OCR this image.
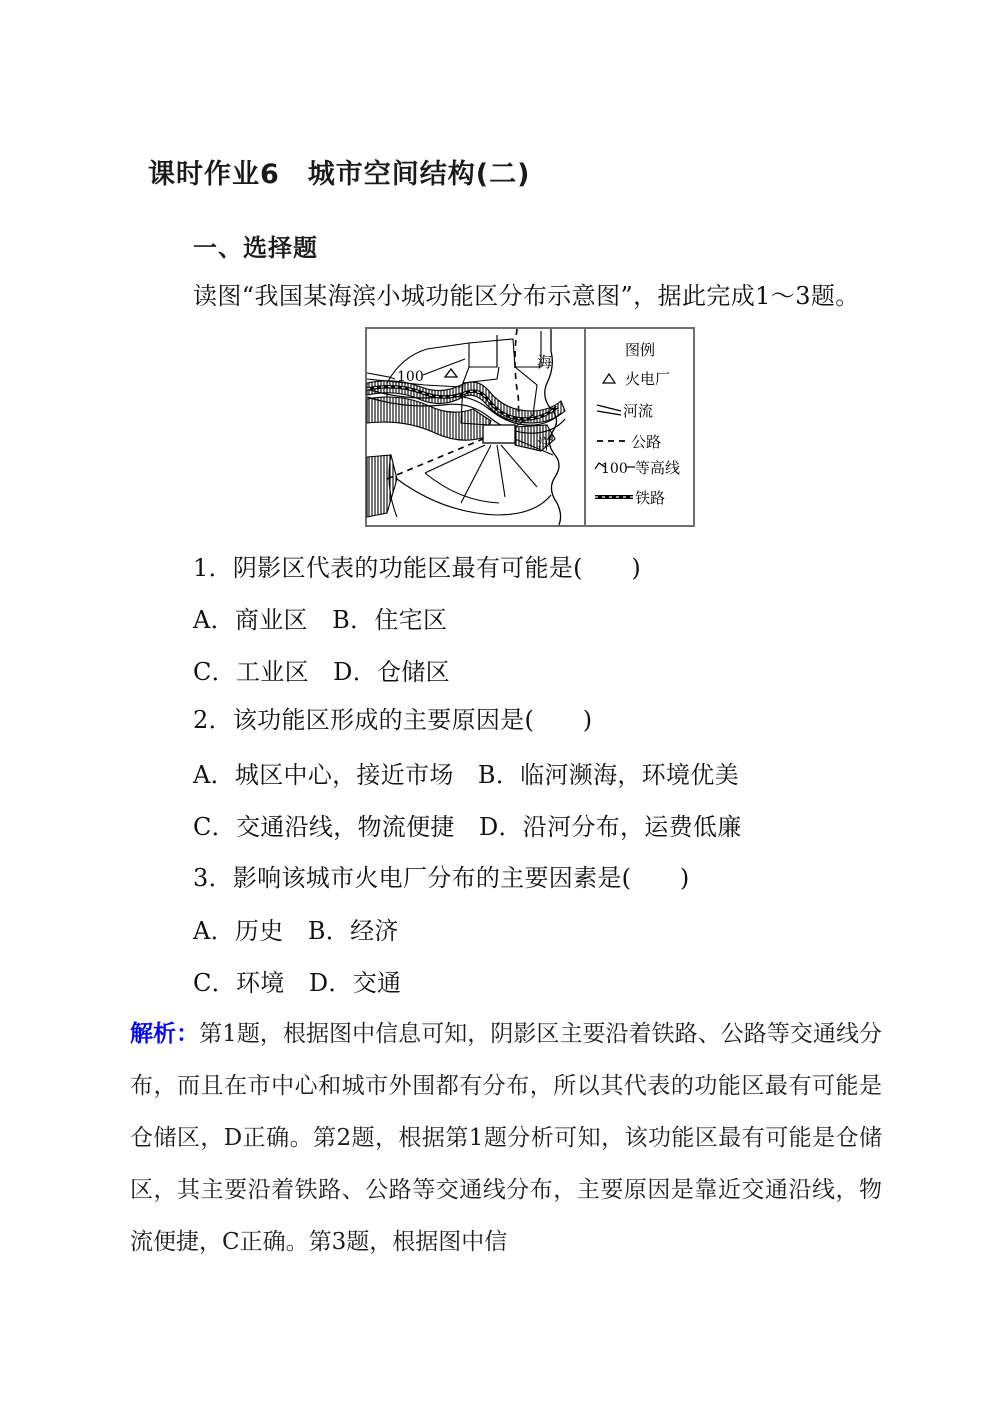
课时作业6　城市空间结构(二)
一、选择题
读图“我国某海滨小城功能区分布示意图”，据此完成1～3题。
100
海
洋
图例
火电厂
河流
公路
100 等高线
铁路
1．阴影区代表的功能区最有可能是(　　)
A．商业区　B．住宅区
C．工业区　D．仓储区
2．该功能区形成的主要原因是(　　)
A．城区中心，接近市场　B．临河濒海，环境优美
C．交通沿线，物流便捷　D．沿河分布，运费低廉
3．影响该城市火电厂分布的主要因素是(　　)
A．历史　B．经济
C．环境　D．交通
解析：第1题，根据图中信息可知，阴影区主要沿着铁路、公路等交通线分布，而且在市中心和城市外围都有分布，所以其代表的功能区最有可能是仓储区，D正确。第2题，根据第1题分析可知，该功能区最有可能是仓储区，其主要沿着铁路、公路等交通线分布，主要原因是靠近交通沿线，物流便捷，C正确。第3题，根据图中信
